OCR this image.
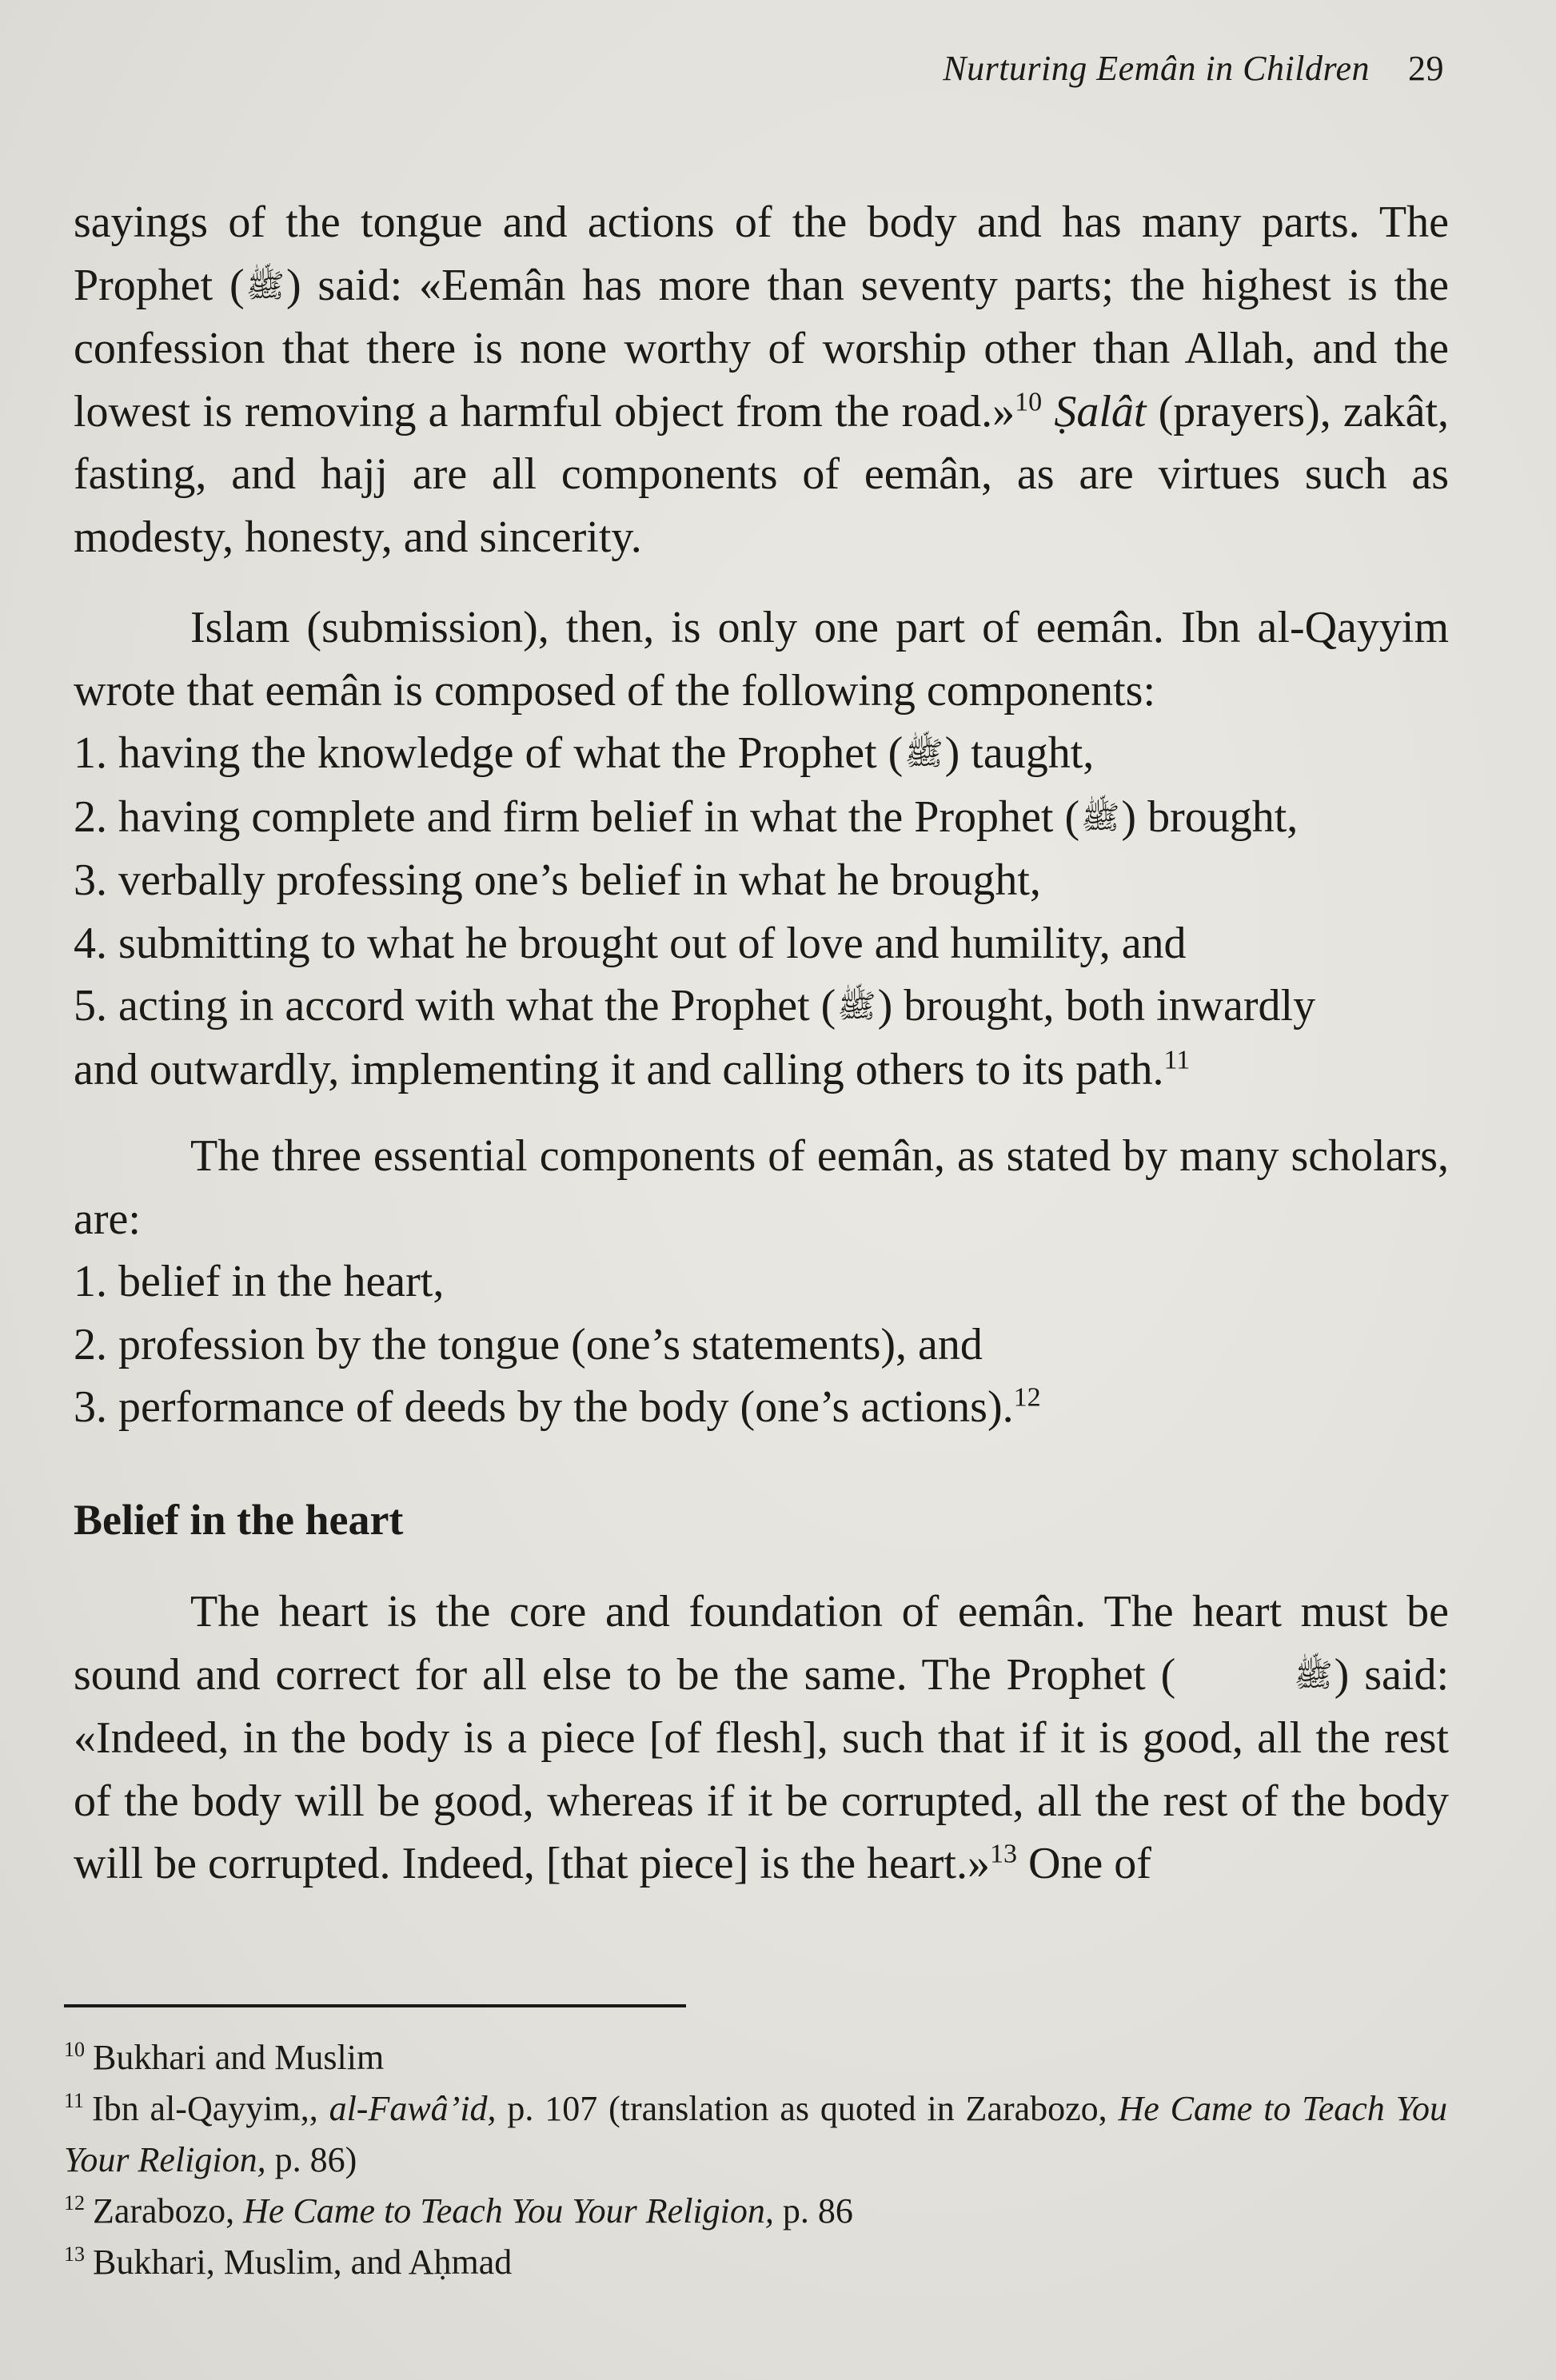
Nurturing Eemân in Children 29

sayings of the tongue and actions of the body and has many parts. The Prophet (ﷺ) said: «Eemân has more than seventy parts; the highest is the confession that there is none worthy of worship other than Allah, and the lowest is removing a harmful object from the road.»$^{10}$ Ṣalât (prayers), zakât, fasting, and hajj are all components of eemân, as are virtues such as modesty, honesty, and sincerity.

Islam (submission), then, is only one part of eemân. Ibn al-Qayyim wrote that eemân is composed of the following components:

1. having the knowledge of what the Prophet (ﷺ) taught,
2. having complete and firm belief in what the Prophet (ﷺ) brought,
3. verbally professing one’s belief in what he brought,
4. submitting to what he brought out of love and humility, and
5. acting in accord with what the Prophet (ﷺ) brought, both inwardly
and outwardly, implementing it and calling others to its path.$^{11}$

The three essential components of eemân, as stated by many scholars, are:

1. belief in the heart,
2. profession by the tongue (one’s statements), and
3. performance of deeds by the body (one’s actions).$^{12}$
Belief in the heart

The heart is the core and foundation of eemân. The heart must be sound and correct for all else to be the same. The Prophet (	ﷺ) said: «Indeed, in the body is a piece [of flesh], such that if it is good, all the rest of the body will be good, whereas if it be corrupted, all the rest of the body will be corrupted. Indeed, [that piece] is the heart.»$^{13}$ One of

$^{10}$ Bukhari and Muslim

$^{11}$ Ibn al-Qayyim,, al-Fawâ’id, p. 107 (translation as quoted in Zarabozo, He Came to Teach You Your Religion, p. 86)

$^{12}$ Zarabozo, He Came to Teach You Your Religion, p. 86

$^{13}$ Bukhari, Muslim, and Aḥmad
